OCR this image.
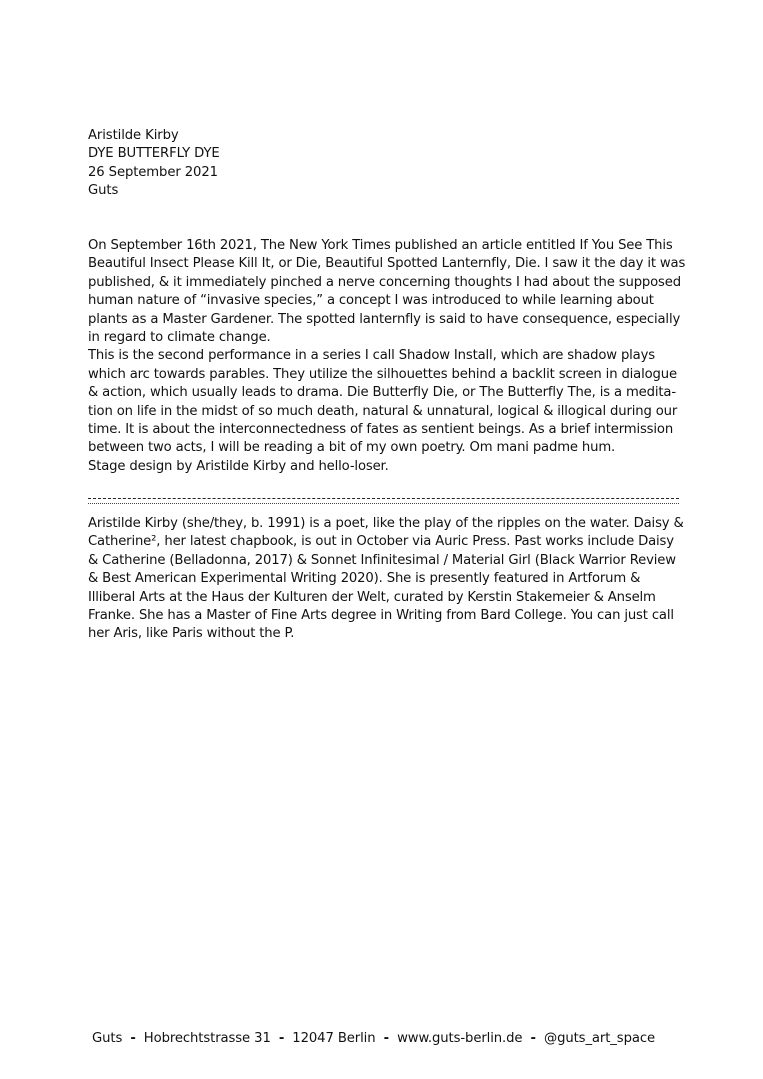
Aristilde Kirby
DYE BUTTERFLY DYE
26 September 2021
Guts

On September 16th 2021, The New York Times published an article entitled If You See This Beautiful Insect Please Kill It, or Die, Beautiful Spotted Lanternfly, Die. I saw it the day it was published, & it immediately pinched a nerve concerning thoughts I had about the supposed human nature of “invasive species,” a concept I was introduced to while learning about plants as a Master Gardener. The spotted lanternfly is said to have consequence, especially in regard to climate change.

This is the second performance in a series I call Shadow Install, which are shadow plays which arc towards parables. They utilize the silhouettes behind a backlit screen in dialogue & action, which usually leads to drama. Die Butterfly Die, or The Butterfly The, is a meditation on life in the midst of so much death, natural & unnatural, logical & illogical during our time. It is about the interconnectedness of fates as sentient beings. As a brief intermission between two acts, I will be reading a bit of my own poetry. Om mani padme hum.

Stage design by Aristilde Kirby and hello-loser.

Aristilde Kirby (she/they, b. 1991) is a poet, like the play of the ripples on the water. Daisy & Catherine², her latest chapbook, is out in October via Auric Press. Past works include Daisy & Catherine (Belladonna, 2017) & Sonnet Infinitesimal / Material Girl (Black Warrior Review & Best American Experimental Writing 2020). She is presently featured in Artforum & Illiberal Arts at the Haus der Kulturen der Welt, curated by Kerstin Stakemeier & Anselm Franke. She has a Master of Fine Arts degree in Writing from Bard College. You can just call her Aris, like Paris without the P.

Guts - Hobrechtstrasse 31 - 12047 Berlin - www.guts-berlin.de - @guts_art_space
